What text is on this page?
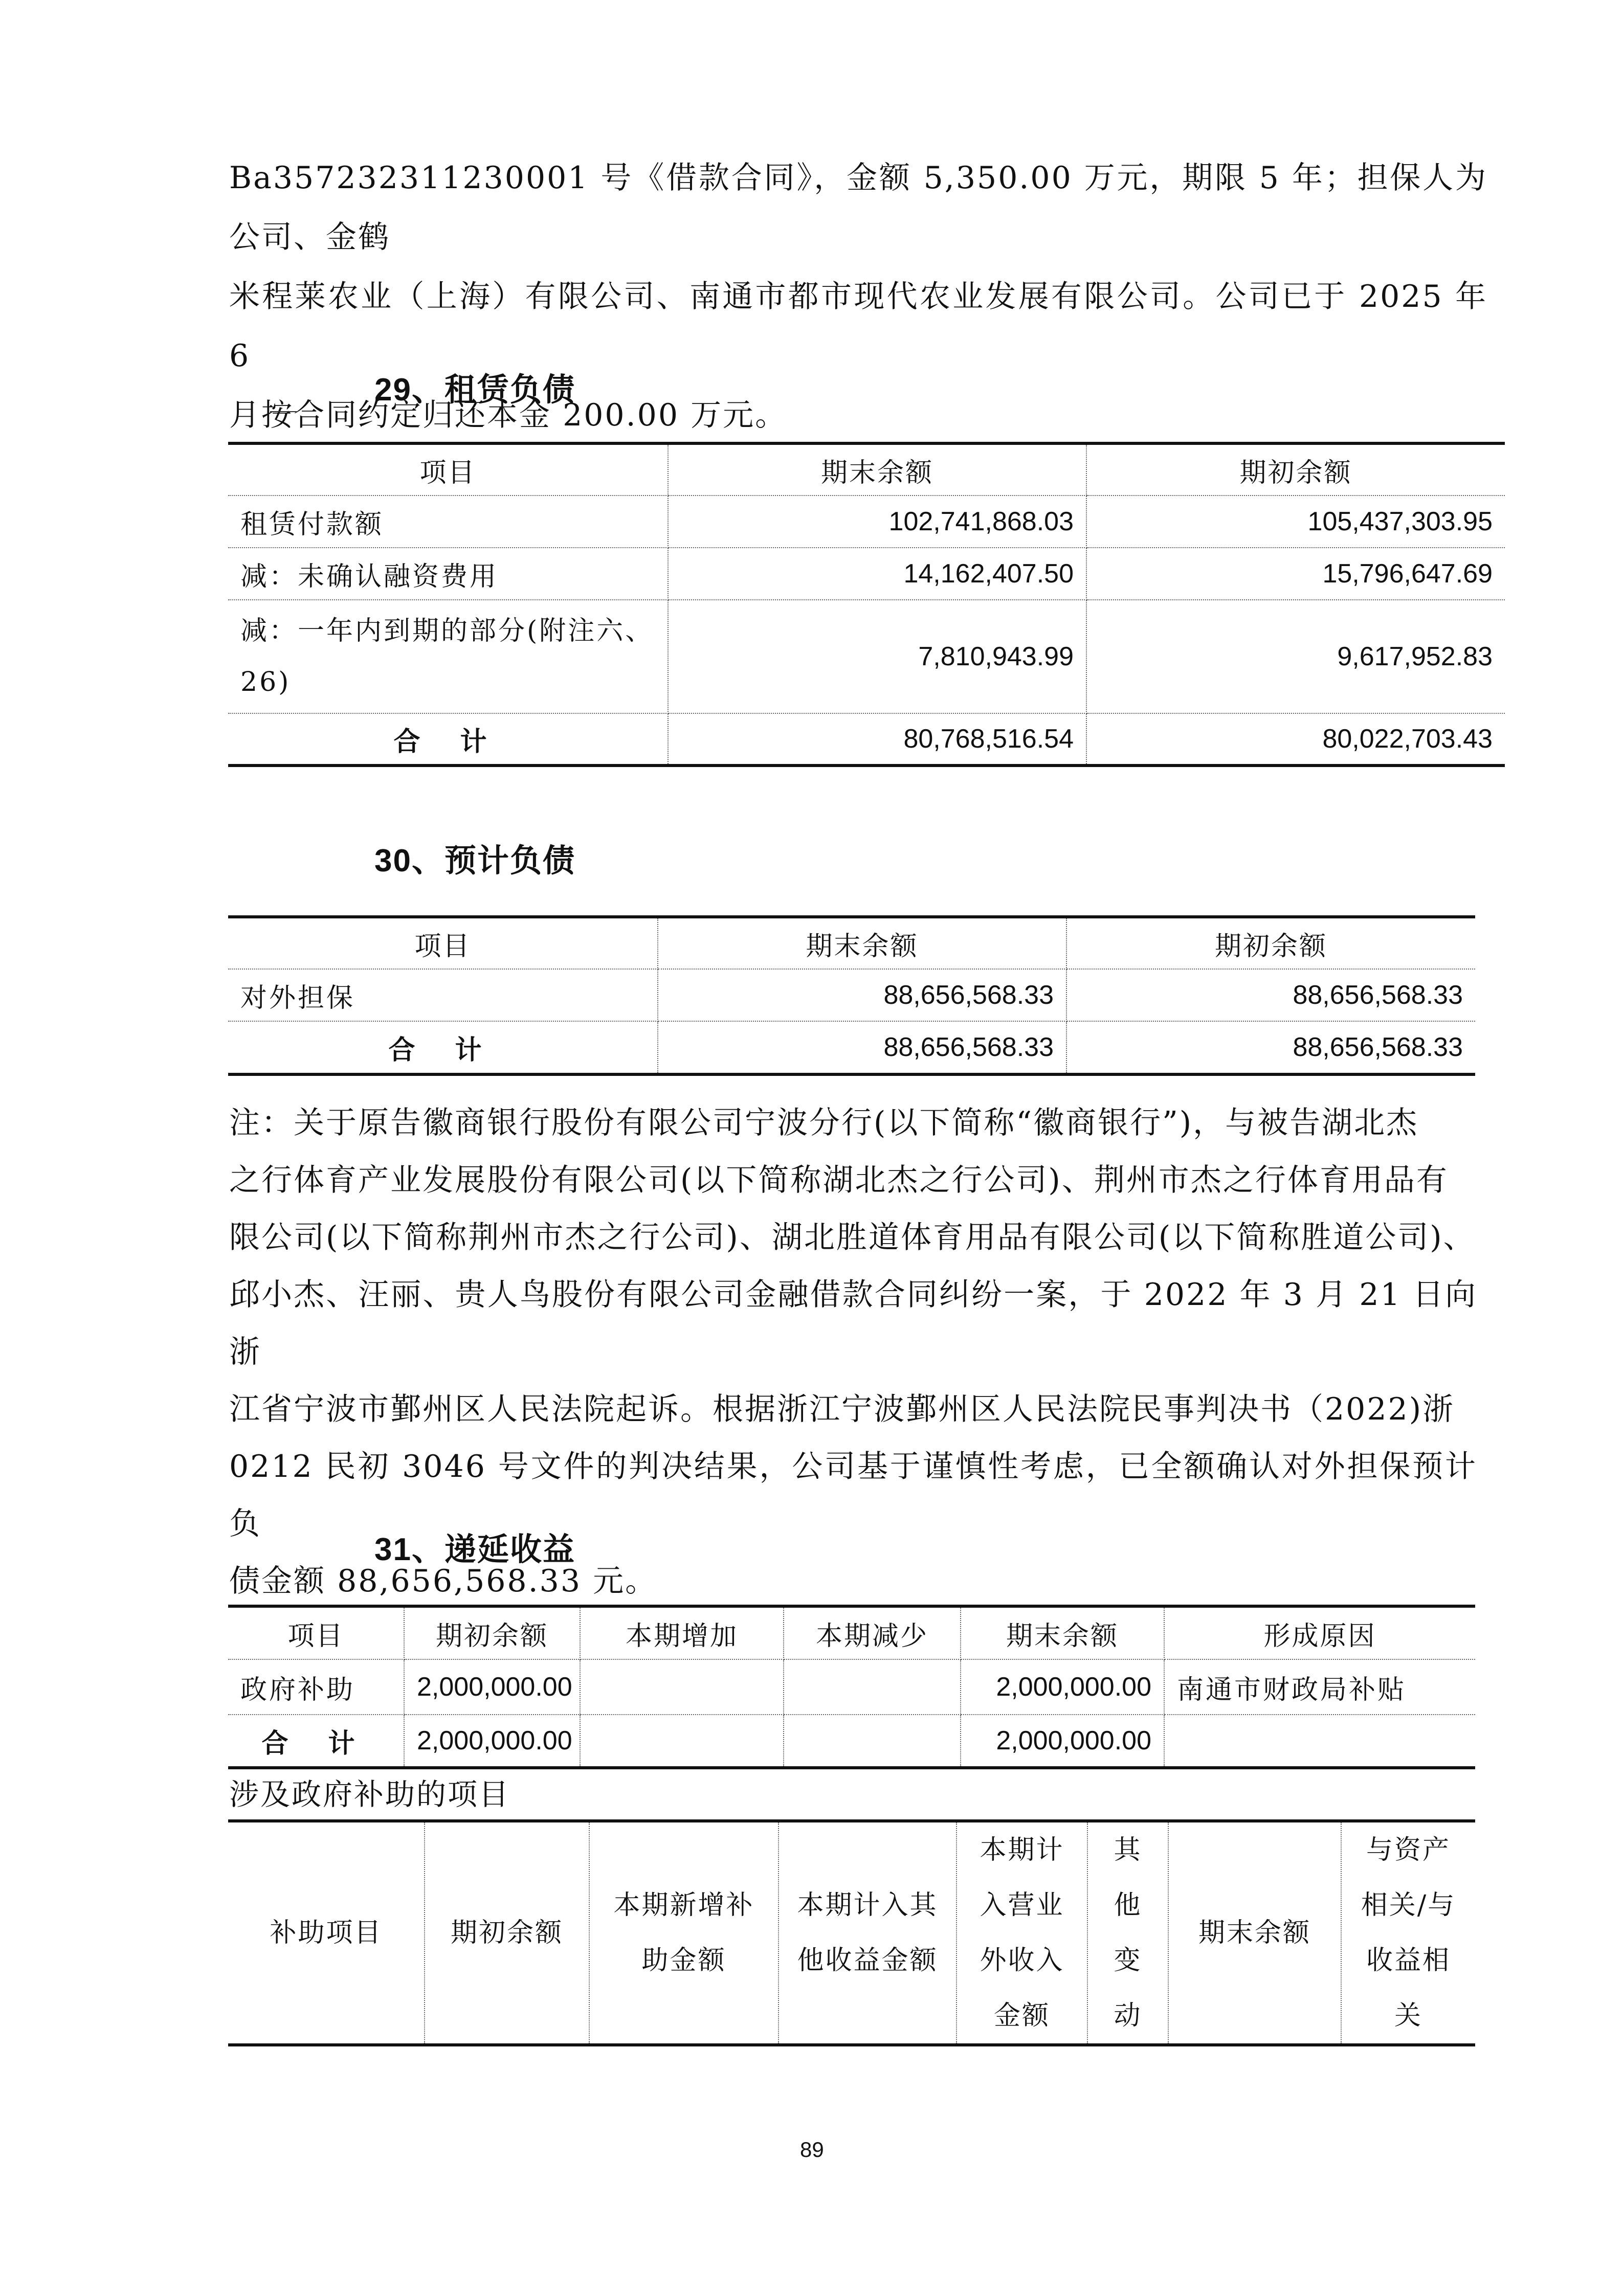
Ba357232311230001 号《借款合同》，金额 5,350.00 万元，期限 5 年；担保人为公司、金鹤
米程莱农业（上海）有限公司、南通市都市现代农业发展有限公司。公司已于 2025 年 6
月按合同约定归还本金 200.00 万元。
29、租赁负债
项目	期末余额	期初余额
租赁付款额	102,741,868.03	105,437,303.95
减：未确认融资费用	14,162,407.50	15,796,647.69
减：一年内到期的部分(附注六、26)	7,810,943.99	9,617,952.83
合 计	80,768,516.54	80,022,703.43
30、预计负债
项目	期末余额	期初余额
对外担保	88,656,568.33	88,656,568.33
合 计	88,656,568.33	88,656,568.33
注：关于原告徽商银行股份有限公司宁波分行(以下简称“徽商银行”)，与被告湖北杰
之行体育产业发展股份有限公司(以下简称湖北杰之行公司)、荆州市杰之行体育用品有
限公司(以下简称荆州市杰之行公司)、湖北胜道体育用品有限公司(以下简称胜道公司)、
邱小杰、汪丽、贵人鸟股份有限公司金融借款合同纠纷一案，于 2022 年 3 月 21 日向浙
江省宁波市鄞州区人民法院起诉。根据浙江宁波鄞州区人民法院民事判决书（2022)浙
0212 民初 3046 号文件的判决结果，公司基于谨慎性考虑，已全额确认对外担保预计负
债金额 88,656,568.33 元。
31、递延收益
项目	期初余额	本期增加	本期减少	期末余额	形成原因
政府补助	2,000,000.00			2,000,000.00	南通市财政局补贴
合 计	2,000,000.00			2,000,000.00	
涉及政府补助的项目
补助项目	期初余额	本期新增补助金额	本期计入其他收益金额	本期计入营业外收入金额	其他变动	期末余额	与资产相关/与收益相关
89
